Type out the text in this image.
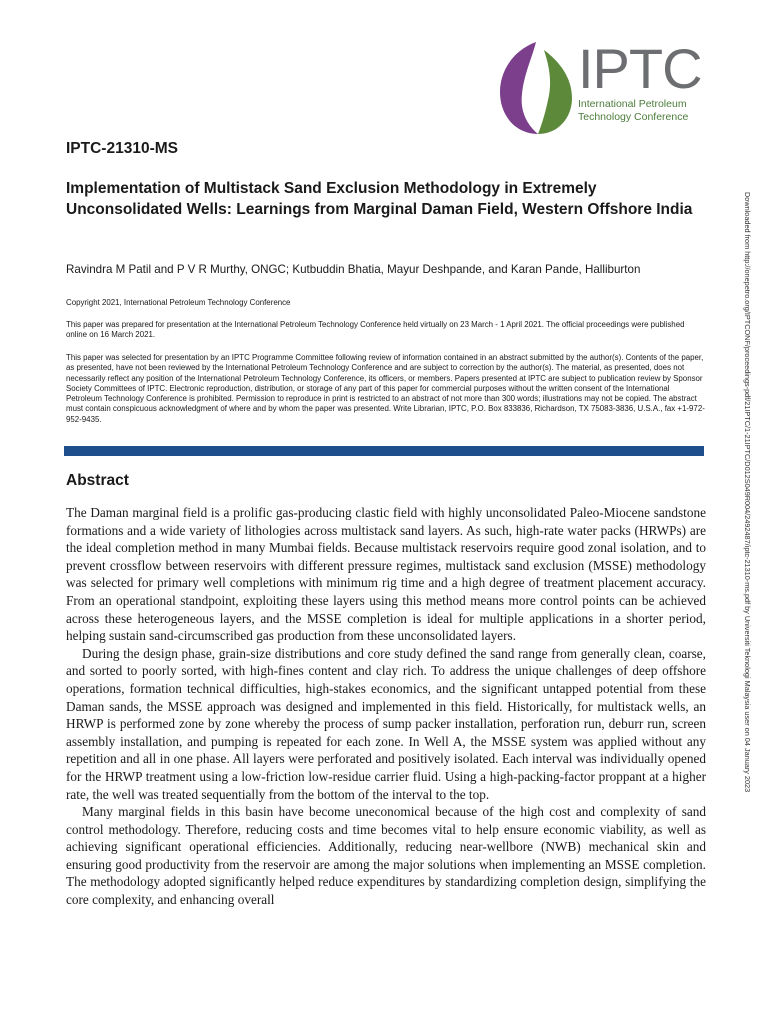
IPTC

International Petroleum
Technology Conference

IPTC-21310-MS

Implementation of Multistack Sand Exclusion Methodology in Extremely Unconsolidated Wells: Learnings from Marginal Daman Field, Western Offshore India

Ravindra M Patil and P V R Murthy, ONGC; Kutbuddin Bhatia, Mayur Deshpande, and Karan Pande, Halliburton

Copyright 2021, International Petroleum Technology Conference

This paper was prepared for presentation at the International Petroleum Technology Conference held virtually on 23 March - 1 April 2021. The official proceedings were published online on 16 March 2021.

This paper was selected for presentation by an IPTC Programme Committee following review of information contained in an abstract submitted by the author(s). Contents of the paper, as presented, have not been reviewed by the International Petroleum Technology Conference and are subject to correction by the author(s). The material, as presented, does not necessarily reflect any position of the International Petroleum Technology Conference, its officers, or members. Papers presented at IPTC are subject to publication review by Sponsor Society Committees of IPTC. Electronic reproduction, distribution, or storage of any part of this paper for commercial purposes without the written consent of the International Petroleum Technology Conference is prohibited. Permission to reproduce in print is restricted to an abstract of not more than 300 words; illustrations may not be copied. The abstract must contain conspicuous acknowledgment of where and by whom the paper was presented. Write Librarian, IPTC, P.O. Box 833836, Richardson, TX 75083-3836, U.S.A., fax +1-972-952-9435.

Abstract

The Daman marginal field is a prolific gas-producing clastic field with highly unconsolidated Paleo-Miocene sandstone formations and a wide variety of lithologies across multistack sand layers. As such, high-rate water packs (HRWPs) are the ideal completion method in many Mumbai fields. Because multistack reservoirs require good zonal isolation, and to prevent crossflow between reservoirs with different pressure regimes, multistack sand exclusion (MSSE) methodology was selected for primary well completions with minimum rig time and a high degree of treatment placement accuracy. From an operational standpoint, exploiting these layers using this method means more control points can be achieved across these heterogeneous layers, and the MSSE completion is ideal for multiple applications in a shorter period, helping sustain sand-circumscribed gas production from these unconsolidated layers.

During the design phase, grain-size distributions and core study defined the sand range from generally clean, coarse, and sorted to poorly sorted, with high-fines content and clay rich. To address the unique challenges of deep offshore operations, formation technical difficulties, high-stakes economics, and the significant untapped potential from these Daman sands, the MSSE approach was designed and implemented in this field. Historically, for multistack wells, an HRWP is performed zone by zone whereby the process of sump packer installation, perforation run, deburr run, screen assembly installation, and pumping is repeated for each zone. In Well A, the MSSE system was applied without any repetition and all in one phase. All layers were perforated and positively isolated. Each interval was individually opened for the HRWP treatment using a low-friction low-residue carrier fluid. Using a high-packing-factor proppant at a higher rate, the well was treated sequentially from the bottom of the interval to the top.

Many marginal fields in this basin have become uneconomical because of the high cost and complexity of sand control methodology. Therefore, reducing costs and time becomes vital to help ensure economic viability, as well as achieving significant operational efficiencies. Additionally, reducing near-wellbore (NWB) mechanical skin and ensuring good productivity from the reservoir are among the major solutions when implementing an MSSE completion. The methodology adopted significantly helped reduce expenditures by standardizing completion design, simplifying the core complexity, and enhancing overall

Downloaded from http://onepetro.org/IPTCONF/proceedings-pdf/21IPTC/1-21IPTC/D012S049R004/2492487/iptc-21310-ms.pdf by Universiti Teknologi Malaysia user on 04 January 2023
